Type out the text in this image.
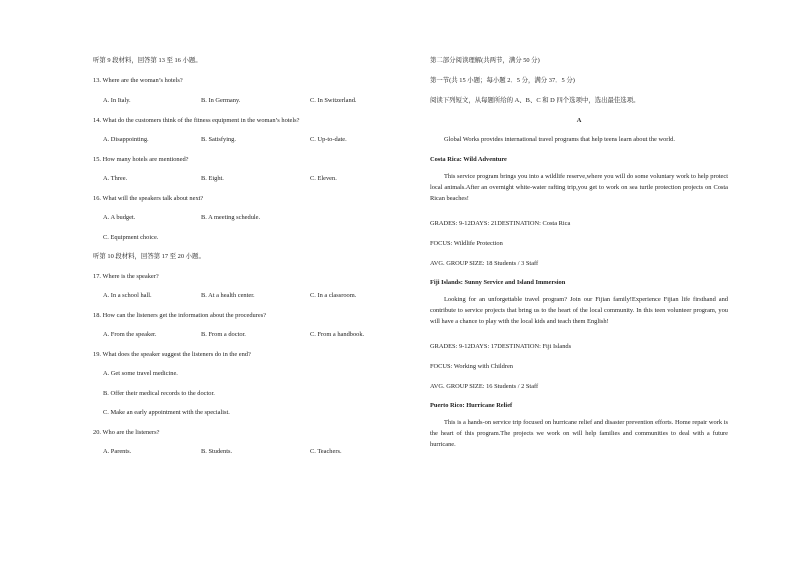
听第 9 段材料，回答第 13 至 16 小题。
13. Where are the woman’s hotels?
A. In Italy.	B. In Germany.	C. In Switzerland.
14. What do the customers think of the fitness equipment in the woman’s hotels?
A. Disappointing.	B. Satisfying.	C. Up-to-date.
15. How many hotels are mentioned?
A. Three.	B. Eight.	C. Eleven.
16. What will the speakers talk about next?
A. A budget.	B. A meeting schedule.
C. Equipment choice.
听第 10 段材料，回答第 17 至 20 小题。
17. Where is the speaker?
A. In a school hall.	B. At a health center.	C. In a classroom.
18. How can the listeners get the information about the procedures?
A. From the speaker.	B. From a doctor.	C. From a handbook.
19. What does the speaker suggest the listeners do in the end?
A. Get some travel medicine.
B. Offer their medical records to the doctor.
C. Make an early appointment with the specialist.
20. Who are the listeners?
A. Parents.	B. Students.	C. Teachers.
第二部分阅读理解(共两节，满分 50 分)
第一节(共 15 小题；每小题 2．5 分，满分 37．5 分)
阅读下列短文，从每题所给的 A、B、C 和 D 四个选项中，选出最佳选项。
A
Global Works provides international travel programs that help teens learn about the world.
Costa Rica: Wild Adventure

This service program brings you into a wildlife reserve,where you will do some voluntary work to help protect local animals.After an overnight white-water rafting trip,you get to work on sea turtle protection projects on Costa Rican beaches!

GRADES: 9-12DAYS: 21DESTINATION: Costa Rica
FOCUS: Wildlife Protection
AVG. GROUP SIZE: 18 Students / 3 Staff
Fiji Islands: Sunny Service and Island Immersion

Looking for an unforgettable travel program? Join our Fijian family!Experience Fijian life firsthand and contribute to service projects that bring us to the heart of the local community. In this teen volunteer program, you will have a chance to play with the local kids and teach them English!

GRADES: 9-12DAYS: 17DESTINATION: Fiji Islands
FOCUS: Working with Children
AVG. GROUP SIZE: 16 Students / 2 Staff
Puerto Rico: Hurricane Relief

This is a hands-on service trip focused on hurricane relief and disaster prevention efforts. Home repair work is the heart of this program.The projects we work on will help families and communities to deal with a future hurricane.
